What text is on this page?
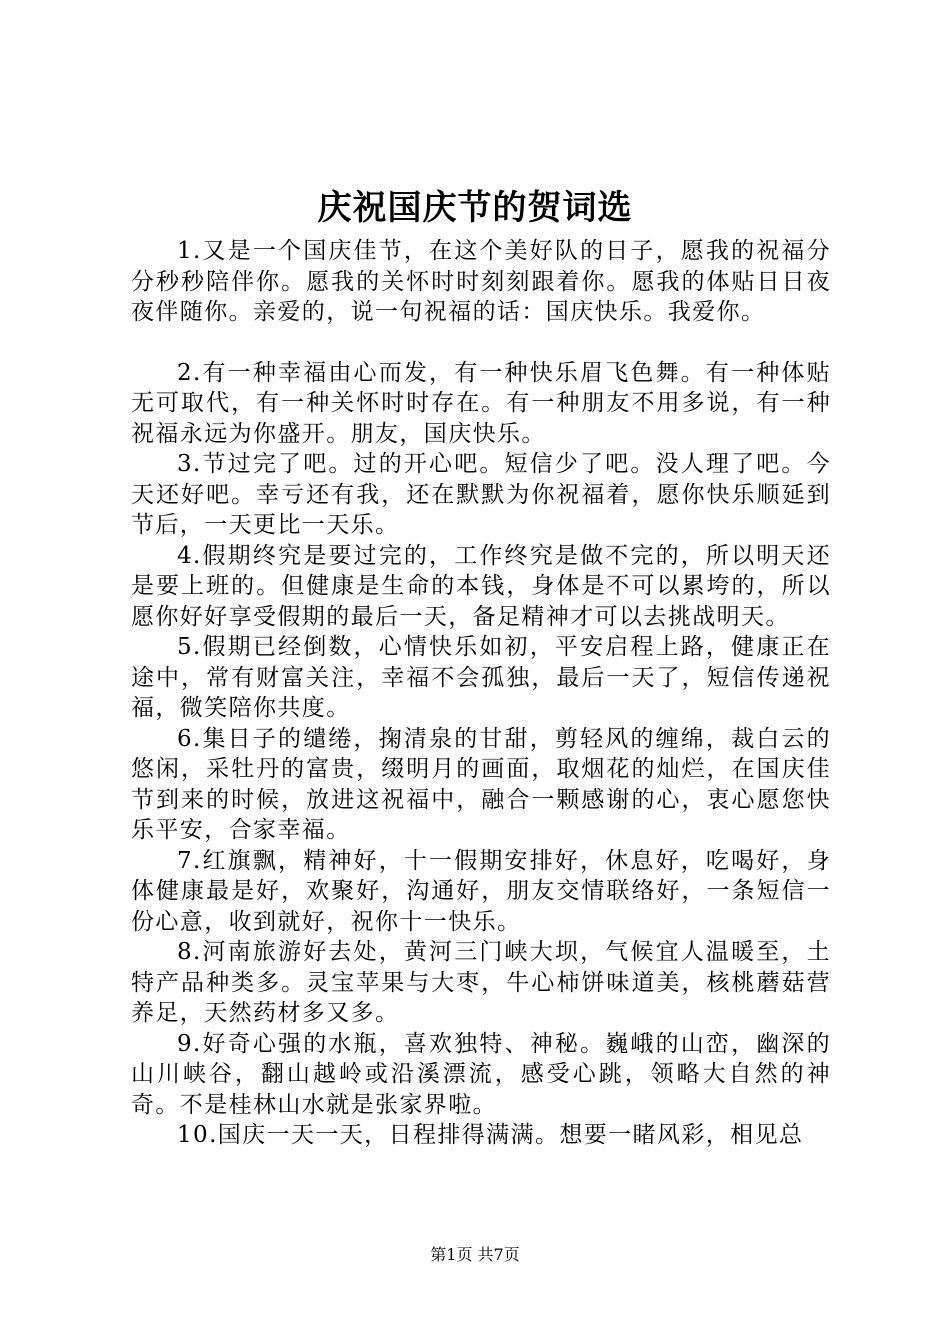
庆祝国庆节的贺词选

1.又是一个国庆佳节，在这个美好队的日子，愿我的祝福分分秒秒陪伴你。愿我的关怀时时刻刻跟着你。愿我的体贴日日夜夜伴随你。亲爱的，说一句祝福的话：国庆快乐。我爱你。

2.有一种幸福由心而发，有一种快乐眉飞色舞。有一种体贴无可取代，有一种关怀时时存在。有一种朋友不用多说，有一种祝福永远为你盛开。朋友，国庆快乐。

3.节过完了吧。过的开心吧。短信少了吧。没人理了吧。今天还好吧。幸亏还有我，还在默默为你祝福着，愿你快乐顺延到节后，一天更比一天乐。

4.假期终究是要过完的，工作终究是做不完的，所以明天还是要上班的。但健康是生命的本钱，身体是不可以累垮的，所以愿你好好享受假期的最后一天，备足精神才可以去挑战明天。

5.假期已经倒数，心情快乐如初，平安启程上路，健康正在途中，常有财富关注，幸福不会孤独，最后一天了，短信传递祝福，微笑陪你共度。

6.集日子的缱绻，掬清泉的甘甜，剪轻风的缠绵，裁白云的悠闲，采牡丹的富贵，缀明月的画面，取烟花的灿烂，在国庆佳节到来的时候，放进这祝福中，融合一颗感谢的心，衷心愿您快乐平安，合家幸福。

7.红旗飘，精神好，十一假期安排好，休息好，吃喝好，身体健康最是好，欢聚好，沟通好，朋友交情联络好，一条短信一份心意，收到就好，祝你十一快乐。

8.河南旅游好去处，黄河三门峡大坝，气候宜人温暖至，土特产品种类多。灵宝苹果与大枣，牛心柿饼味道美，核桃蘑菇营养足，天然药材多又多。

9.好奇心强的水瓶，喜欢独特、神秘。巍峨的山峦，幽深的山川峡谷，翻山越岭或沿溪漂流，感受心跳，领略大自然的神奇。不是桂林山水就是张家界啦。

10.国庆一天一天，日程排得满满。想要一睹风彩，相见总

第1页 共7页
